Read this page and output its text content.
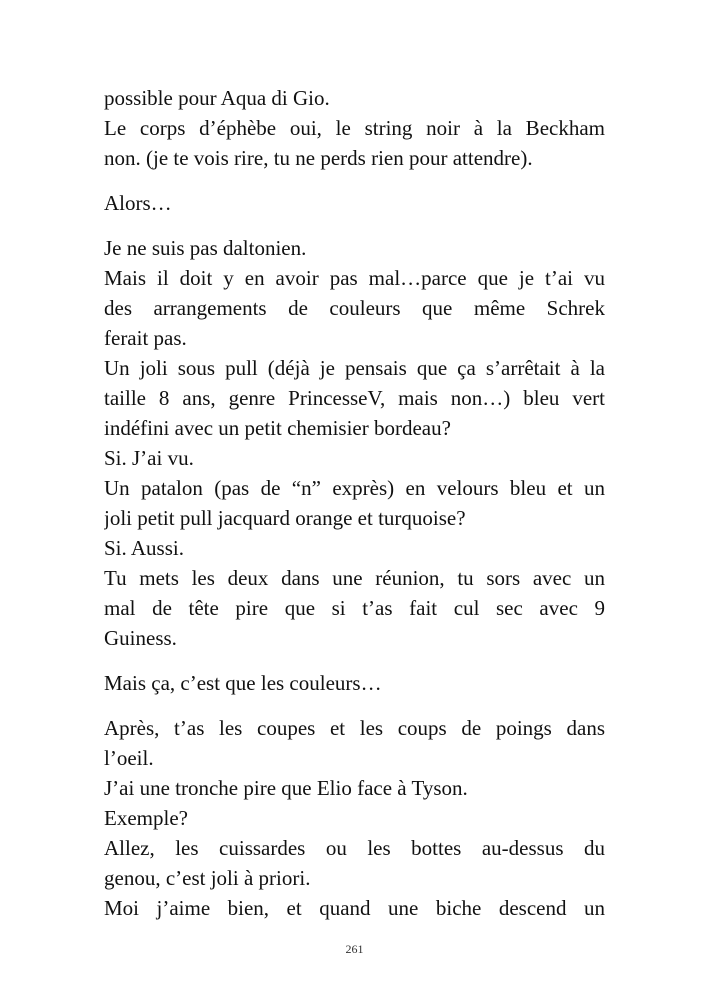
possible pour Aqua di Gio.
Le corps d’éphèbe oui, le string noir à la Beckham
non. (je te vois rire, tu ne perds rien pour attendre).
Alors…
Je ne suis pas daltonien.
Mais il doit y en avoir pas mal…parce que je t’ai vu
des arrangements de couleurs que même Schrek
ferait pas.
Un joli sous pull (déjà je pensais que ça s’arrêtait à la
taille 8 ans, genre PrincesseV, mais non…) bleu vert
indéfini avec un petit chemisier bordeau?
Si. J’ai vu.
Un patalon (pas de “n” exprès) en velours bleu et un
joli petit pull jacquard orange et turquoise?
Si. Aussi.
Tu mets les deux dans une réunion, tu sors avec un
mal de tête pire que si t’as fait cul sec avec 9
Guiness.
Mais ça, c’est que les couleurs…
Après, t’as les coupes et les coups de poings dans
l’oeil.
J’ai une tronche pire que Elio face à Tyson.
Exemple?
Allez, les cuissardes ou les bottes au-dessus du
genou, c’est joli à priori.
Moi j’aime bien, et quand une biche descend un
261
